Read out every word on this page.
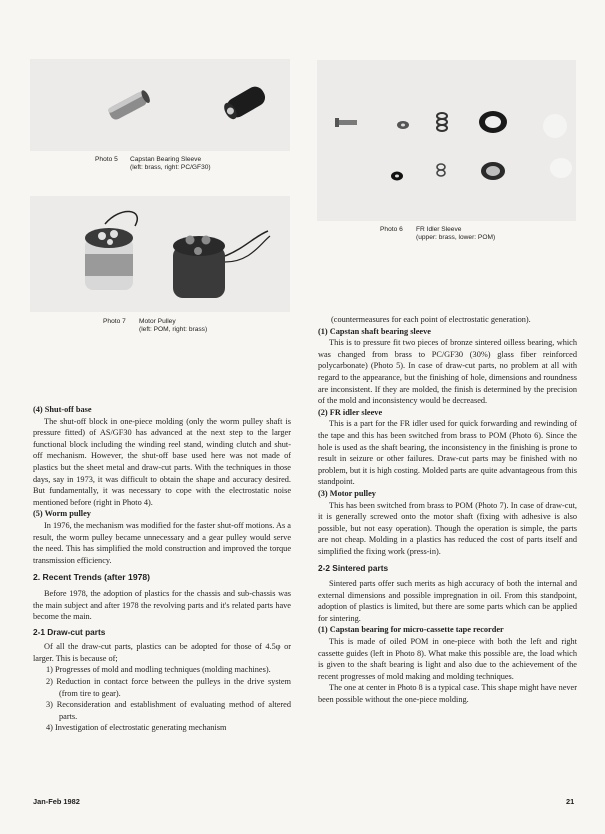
Photo 5 Capstan Bearing Sleeve
(left: brass, right: PC/GF30)
Photo 6 FR Idler Sleeve
(upper: brass, lower: POM)
Photo 7 Motor Pulley
(left: POM, right: brass)
(4) Shut-off base

The shut-off block in one-piece molding (only the worm pulley shaft is pressure fitted) of AS/GF30 has advanced at the next step to the larger functional block including the winding reel stand, winding clutch and shut-off mechanism. However, the shut-off base used here was not made of plastics but the sheet metal and draw-cut parts. With the techniques in those days, say in 1973, it was difficult to obtain the shape and accuracy desired. But fundamentally, it was necessary to cope with the electrostatic noise mentioned before (right in Photo 4).

(5) Worm pulley

In 1976, the mechanism was modified for the faster shut-off motions. As a result, the worm pulley became unnecessary and a gear pulley would serve the need. This has simplified the mold construction and improved the torque transmission efficiency.

2. Recent Trends (after 1978)

Before 1978, the adoption of plastics for the chassis and sub-chassis was the main subject and after 1978 the revolving parts and it's related parts have become the main.

2-1 Draw-cut parts

Of all the draw-cut parts, plastics can be adopted for those of 4.5φ or larger. This is because of;

1) Progresses of mold and modling techniques (molding machines).
2) Reduction in contact force between the pulleys in the drive system (from tire to gear).
3) Reconsideration and establishment of evaluating method of altered parts.
4) Investigation of electrostatic generating mechanism

(countermeasures for each point of electrostatic generation).

(1) Capstan shaft bearing sleeve

This is to pressure fit two pieces of bronze sintered oilless bearing, which was changed from brass to PC/GF30 (30%) glass fiber reinforced polycarbonate) (Photo 5). In case of draw-cut parts, no problem at all with regard to the appearance, but the finishing of hole, dimensions and roundness are inconsistent. If they are molded, the finish is determined by the precision of the mold and inconsistency would be decreased.

(2) FR idler sleeve

This is a part for the FR idler used for quick forwarding and rewinding of the tape and this has been switched from brass to POM (Photo 6). Since the hole is used as the shaft bearing, the inconsistency in the finishing is prone to result in seizure or other failures. Draw-cut parts may be finished with no problem, but it is high costing. Molded parts are quite advantageous from this standpoint.

(3) Motor pulley

This has been switched from brass to POM (Photo 7). In case of draw-cut, it is generally screwed onto the motor shaft (fixing with adhesive is also possible, but not easy operation). Though the operation is simple, the parts are not cheap. Molding in a plastics has reduced the cost of parts itself and simplified the fixing work (press-in).

2-2 Sintered parts

Sintered parts offer such merits as high accuracy of both the internal and external dimensions and possible impregnation in oil. From this standpoint, adoption of plastics is limited, but there are some parts which can be applied for sintering.

(1) Capstan bearing for micro-cassette tape recorder

This is made of oiled POM in one-piece with both the left and right cassette guides (left in Photo 8). What make this possible are, the load which is given to the shaft bearing is light and also due to the achievement of the recent progresses of mold making and molding techniques.

The one at center in Photo 8 is a typical case. This shape might have never been possible without the one-piece molding.

Jan-Feb 1982	21
